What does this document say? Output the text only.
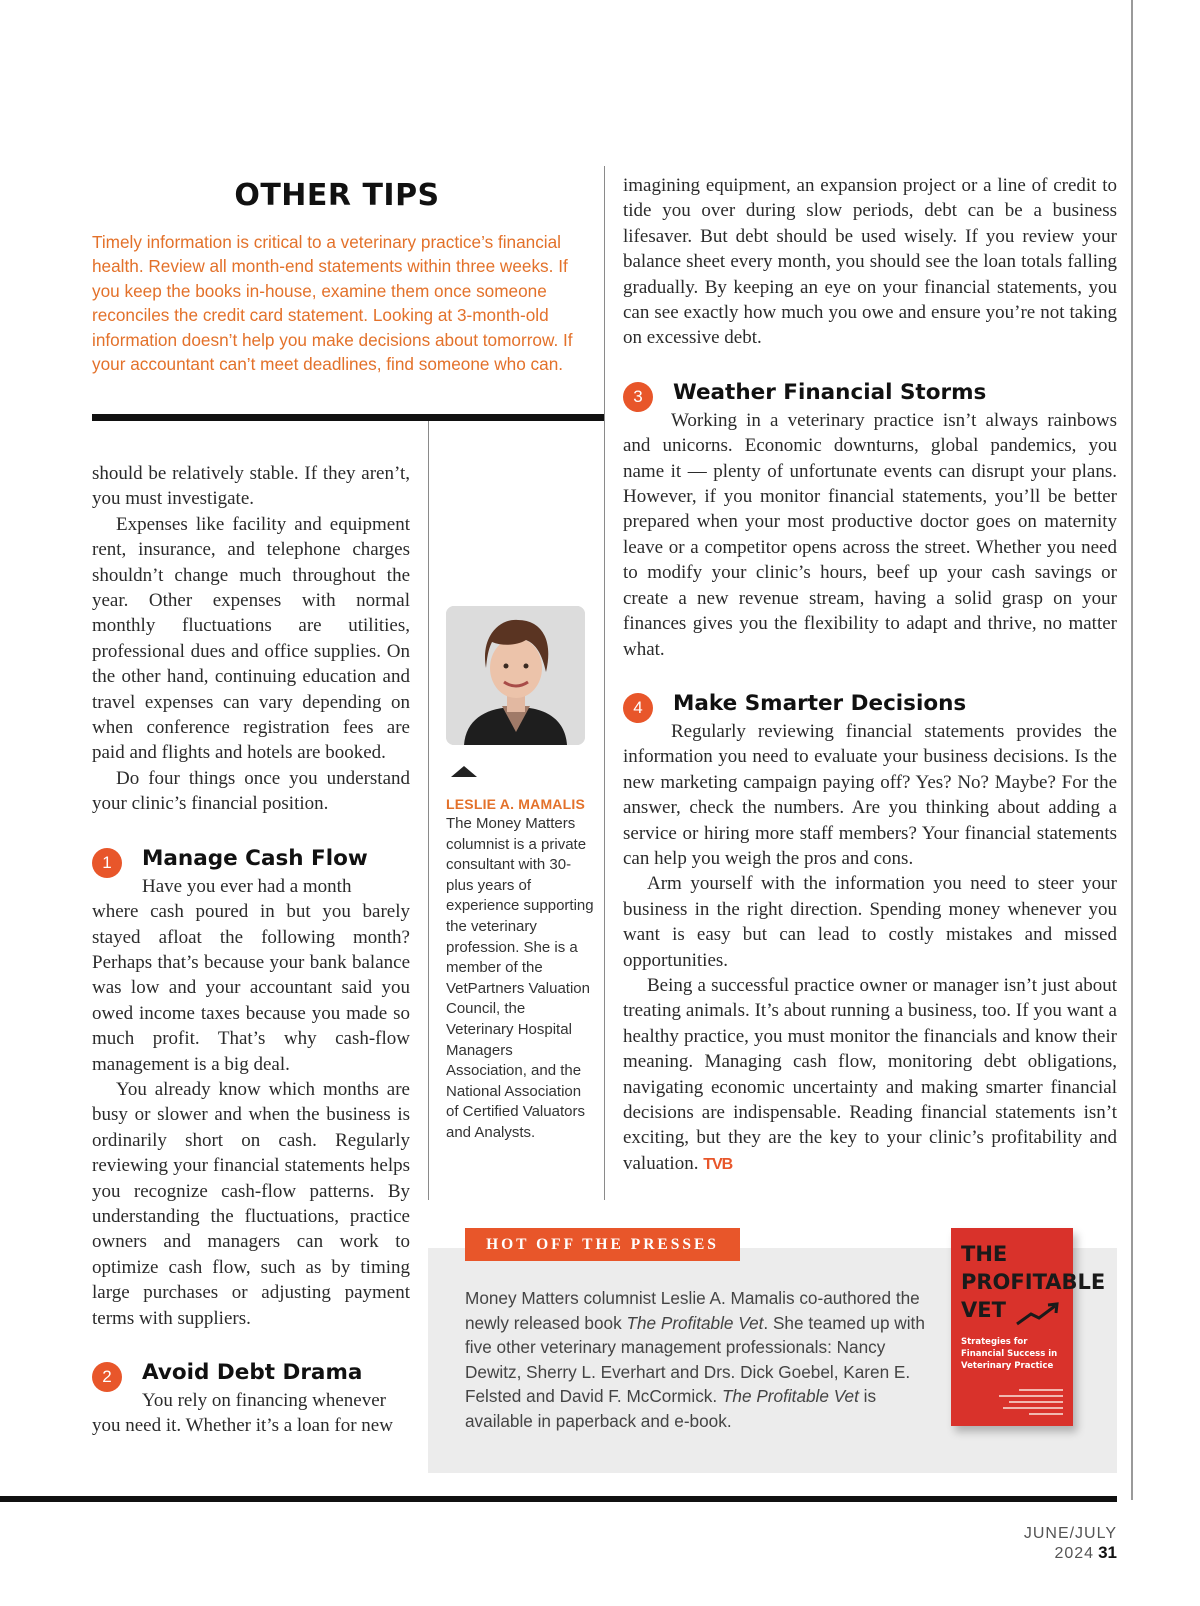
OTHER TIPS
Timely information is critical to a veterinary practice’s financial health. Review all month-end statements within three weeks. If you keep the books in-house, examine them once someone reconciles the credit card statement. Looking at 3-month-old information doesn’t help you make decisions about tomorrow. If your accountant can’t meet deadlines, find someone who can.

should be relatively stable. If they aren’t, you must investigate.

Expenses like facility and equipment rent, insurance, and telephone charges shouldn’t change much throughout the year. Other expenses with normal monthly fluctuations are utilities, professional dues and office supplies. On the other hand, continuing education and travel expenses can vary depending on when conference registration fees are paid and flights and hotels are booked.

Do four things once you understand your clinic’s financial position.

1	Manage Cash Flow
Have you ever had a month

where cash poured in but you barely stayed afloat the following month? Perhaps that’s because your bank balance was low and your accountant said you owed income taxes because you made so much profit. That’s why cash-flow management is a big deal.

You already know which months are busy or slower and when the business is ordinarily short on cash. Regularly reviewing your financial statements helps you recognize cash-flow patterns. By understanding the fluctuations, practice owners and managers can work to optimize cash flow, such as by timing large purchases or adjusting payment terms with suppliers.

2	Avoid Debt Drama
You rely on financing whenever

you need it. Whether it’s a loan for new

LESLIE A. MAMALIS
The Money Matters columnist is a private consultant with 30-plus years of experience supporting the veterinary profession. She is a member of the VetPartners Valuation Council, the Veterinary Hospital Managers Association, and the National Association of Certified Valuators and Analysts.

imagining equipment, an expansion project or a line of credit to tide you over during slow periods, debt can be a business lifesaver. But debt should be used wisely. If you review your balance sheet every month, you should see the loan totals falling gradually. By keeping an eye on your financial statements, you can see exactly how much you owe and ensure you’re not taking on excessive debt.

3	Weather Financial Storms

Working in a veterinary practice isn’t always rainbows and unicorns. Economic downturns, global pandemics, you name it — plenty of unfortunate events can disrupt your plans. However, if you monitor financial statements, you’ll be better prepared when your most productive doctor goes on maternity leave or a competitor opens across the street. Whether you need to modify your clinic’s hours, beef up your cash savings or create a new revenue stream, having a solid grasp on your finances gives you the flexibility to adapt and thrive, no matter what.

4	Make Smarter Decisions

Regularly reviewing financial statements provides the information you need to evaluate your business decisions. Is the new marketing campaign paying off? Yes? No? Maybe? For the answer, check the numbers. Are you thinking about adding a service or hiring more staff members? Your financial statements can help you weigh the pros and cons.

Arm yourself with the information you need to steer your business in the right direction. Spending money whenever you want is easy but can lead to costly mistakes and missed opportunities.

Being a successful practice owner or manager isn’t just about treating animals. It’s about running a business, too. If you want a healthy practice, you must monitor the financials and know their meaning. Managing cash flow, monitoring debt obligations, navigating economic uncertainty and making smarter financial decisions are indispensable. Reading financial statements isn’t exciting, but they are the key to your clinic’s profitability and valuation. TVB

HOT OFF THE PRESSES
Money Matters columnist Leslie A. Mamalis co-authored the newly released book The Profitable Vet. She teamed up with five other veterinary management professionals: Nancy Dewitz, Sherry L. Everhart and Drs. Dick Goebel, Karen E. Felsted and David F. McCormick. The Profitable Vet is available in paperback and e-book.
THE
PROFITABLE
VET
Strategies for Financial Success in Veterinary Practice
JUNE/JULY 2024 31
